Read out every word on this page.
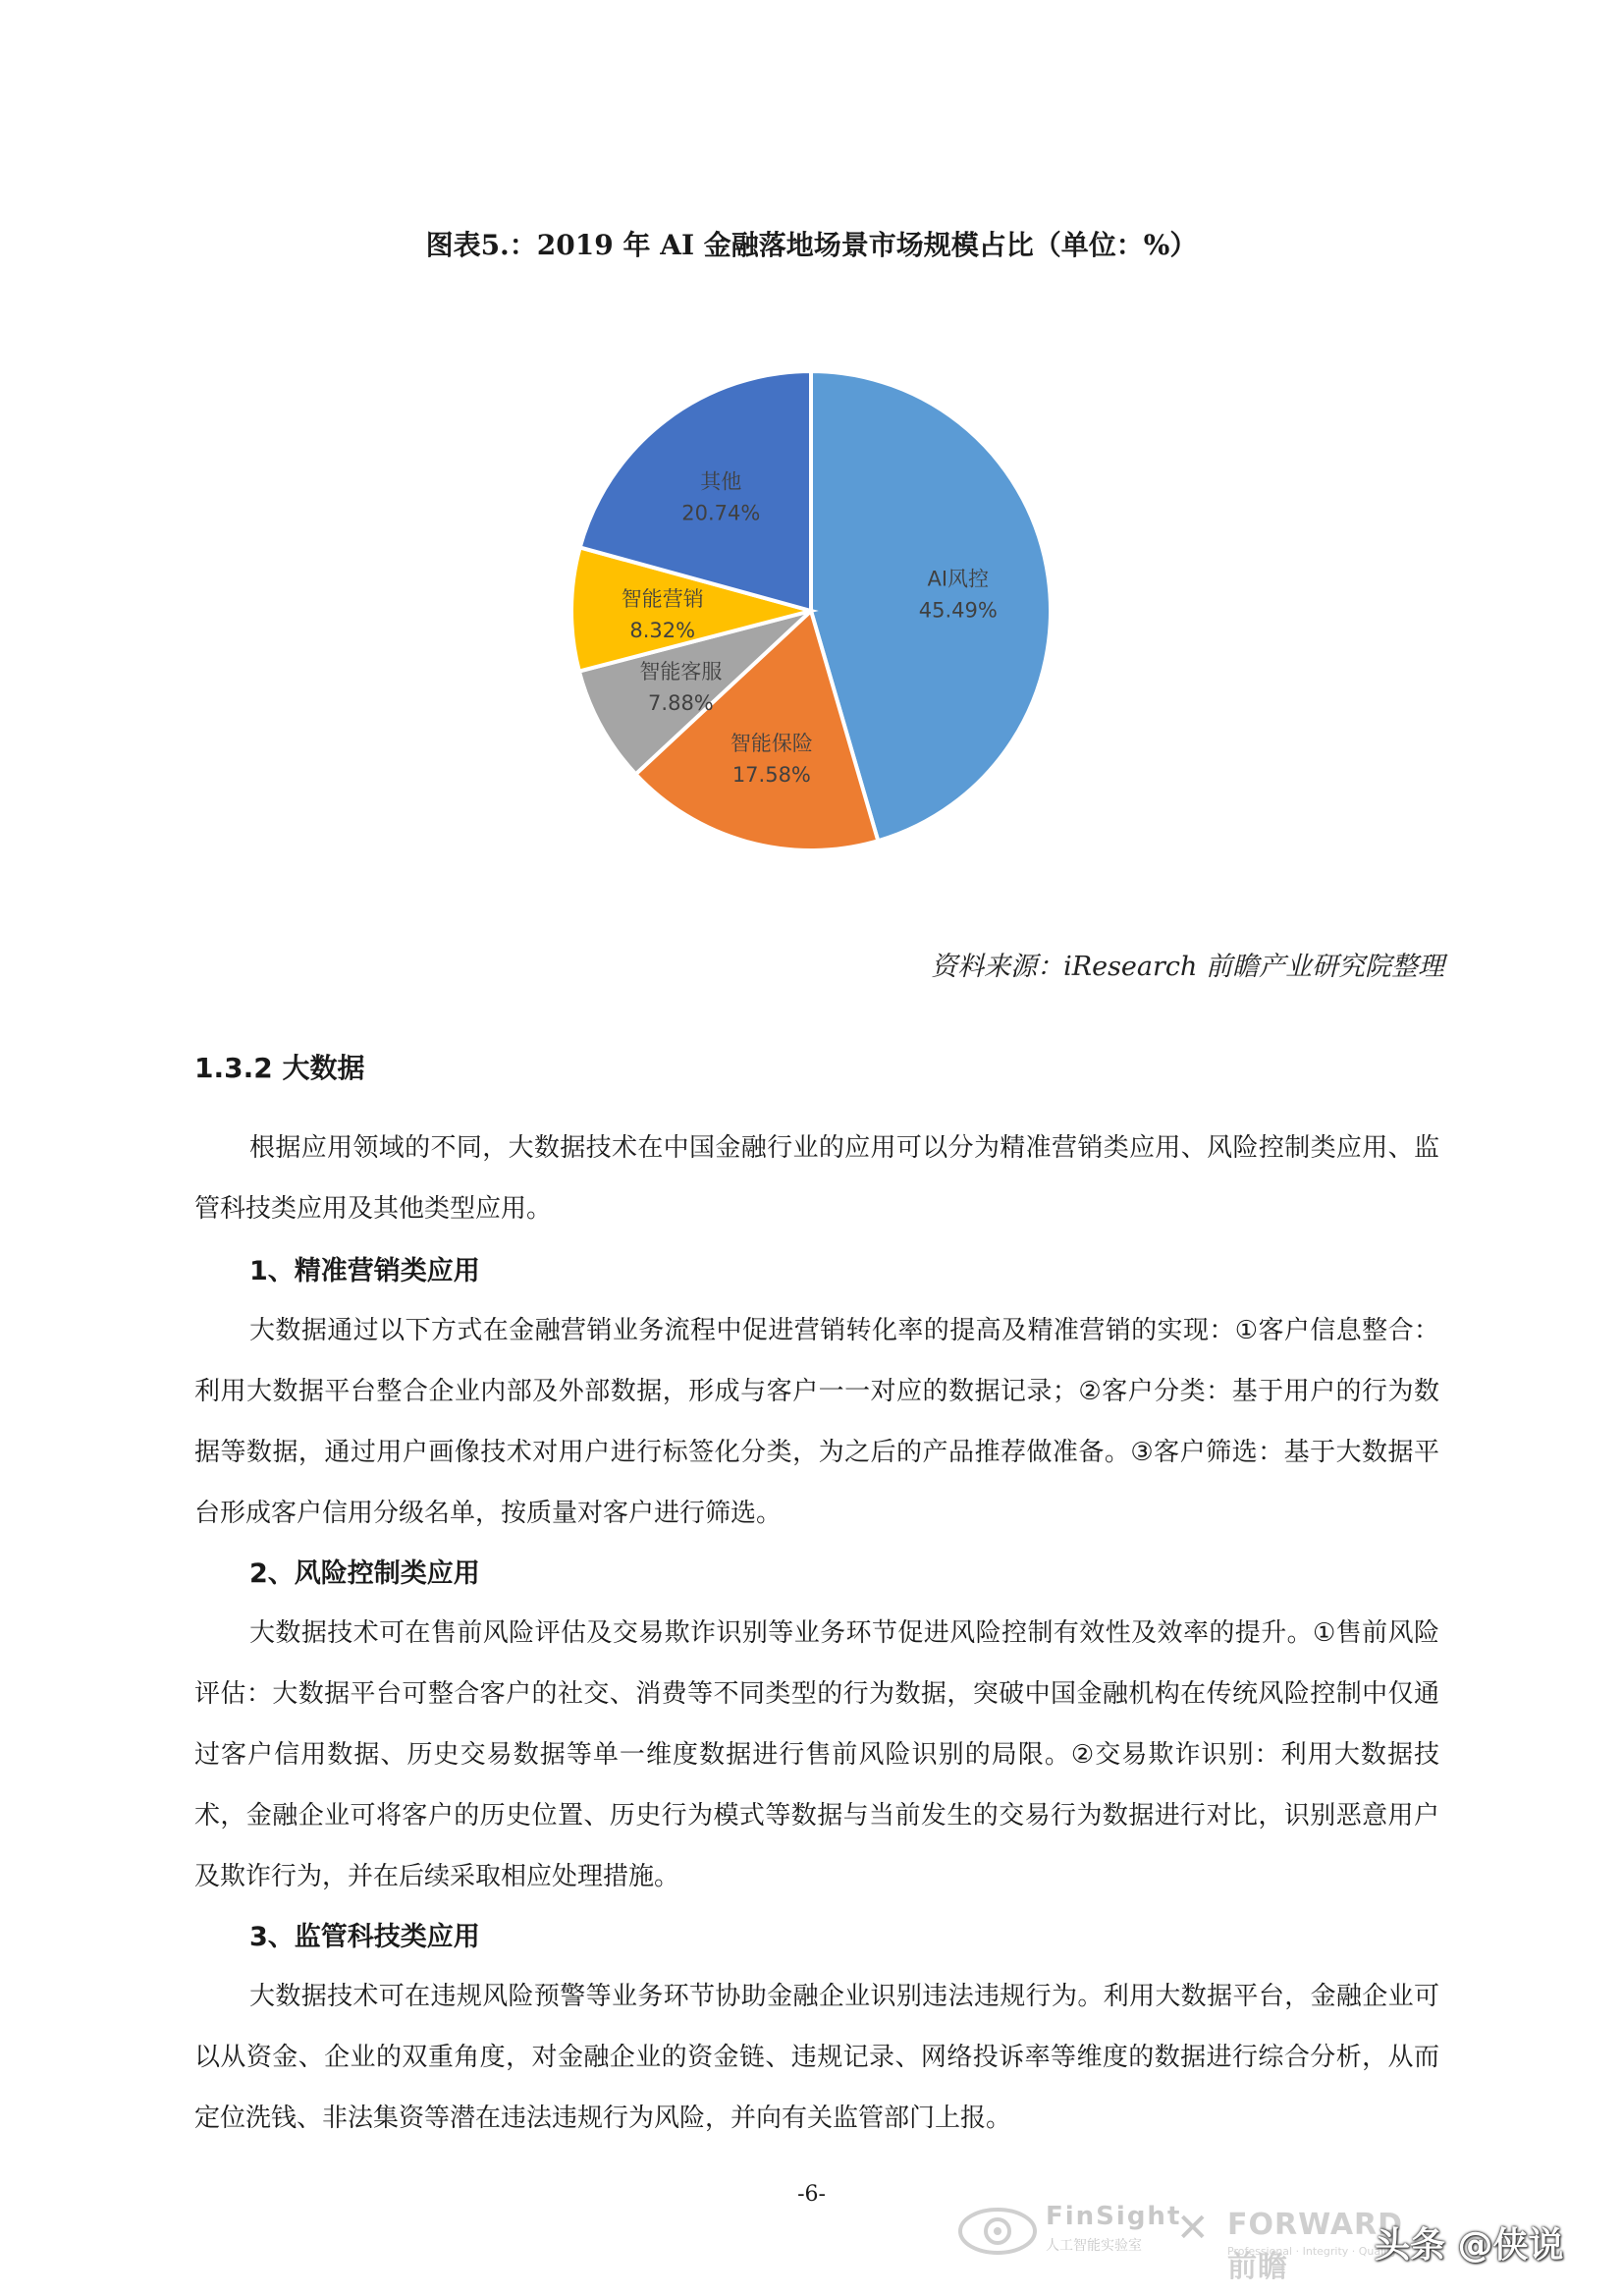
图表5.：2019 年 AI 金融落地场景市场规模占比（单位：%）
AI风控
45.49%
智能保险
17.58%
智能客服
7.88%
智能营销
8.32%
其他
20.74%
资料来源：iResearch 前瞻产业研究院整理
1.3.2 大数据

根据应用领域的不同，大数据技术在中国金融行业的应用可以分为精准营销类应用、风险控制类应用、监管科技类应用及其他类型应用。

1、精准营销类应用

大数据通过以下方式在金融营销业务流程中促进营销转化率的提高及精准营销的实现：①客户信息整合：利用大数据平台整合企业内部及外部数据，形成与客户一一对应的数据记录；②客户分类：基于用户的行为数据等数据，通过用户画像技术对用户进行标签化分类，为之后的产品推荐做准备。③客户筛选：基于大数据平台形成客户信用分级名单，按质量对客户进行筛选。

2、风险控制类应用

大数据技术可在售前风险评估及交易欺诈识别等业务环节促进风险控制有效性及效率的提升。①售前风险评估：大数据平台可整合客户的社交、消费等不同类型的行为数据，突破中国金融机构在传统风险控制中仅通过客户信用数据、历史交易数据等单一维度数据进行售前风险识别的局限。②交易欺诈识别：利用大数据技术，金融企业可将客户的历史位置、历史行为模式等数据与当前发生的交易行为数据进行对比，识别恶意用户及欺诈行为，并在后续采取相应处理措施。

3、监管科技类应用

大数据技术可在违规风险预警等业务环节协助金融企业识别违法违规行为。利用大数据平台，金融企业可以从资金、企业的双重角度，对金融企业的资金链、违规记录、网络投诉率等维度的数据进行综合分析，从而定位洗钱、非法集资等潜在违法违规行为风险，并向有关监管部门上报。

-6-
FinSight
人工智能实验室 ✕ FORWARD 前瞻
Professional · Integrity · Quality
头条 @侠说
